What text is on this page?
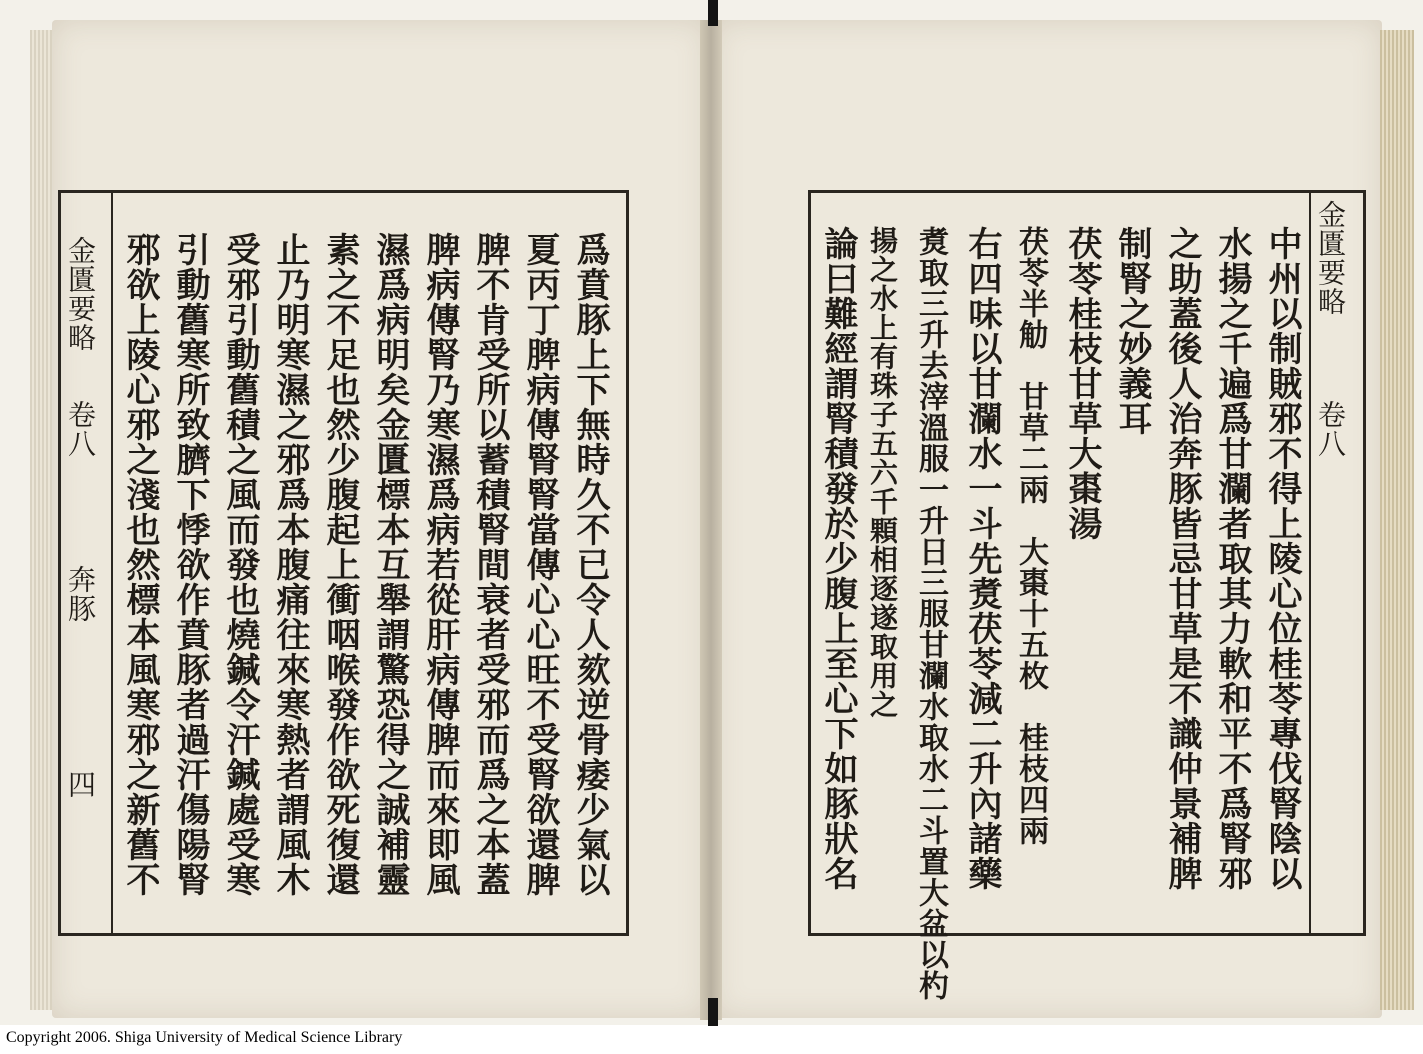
金匱要略
卷八
奔豚
四	爲賁豚上下無時久不已令人欬逆骨痿少氣以
夏丙丁脾病傳腎腎當傳心心旺不受腎欲還脾
脾不肯受所以蓄積腎間衰者受邪而爲之本蓋
脾病傳腎乃寒濕爲病若從肝病傳脾而來即風
濕爲病明矣金匱標本互舉謂驚恐得之誠補靈
素之不足也然少腹起上衝咽喉發作欲死復還
止乃明寒濕之邪爲本腹痛往來寒熱者謂風木
受邪引動舊積之風而發也燒鍼令汗鍼處受寒
引動舊寒所致臍下悸欲作賁豚者過汗傷陽腎
邪欲上陵心邪之淺也然標本風寒邪之新舊不	金匱要略
卷八
中州以制賊邪不得上陵心位桂苓專伐腎陰以
水揚之千遍爲甘瀾者取其力軟和平不爲腎邪
之助蓋後人治奔豚皆忌甘草是不識仲景補脾
制腎之妙義耳
茯苓桂枝甘草大棗湯
茯苓半觔　甘草二兩　大棗十五枚　桂枝四兩
右四味以甘瀾水一斗先煑茯苓減二升內諸藥
煑取三升去滓溫服一升日三服甘瀾水取水二斗置大盆以杓
揚之水上有珠子五六千顆相逐遂取用之
論曰難經謂腎積發於少腹上至心下如豚狀名
Copyright 2006. Shiga University of Medical Science Library
